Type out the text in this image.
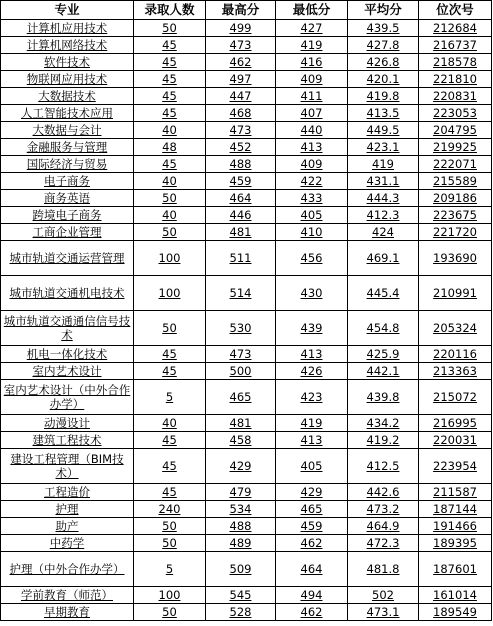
专业	录取人数	最高分	最低分	平均分	位次号
计算机应用技术	50	499	427	439.5	212684
计算机网络技术	45	473	419	427.8	216737
软件技术	45	462	416	426.8	218578
物联网应用技术	45	497	409	420.1	221810
大数据技术	45	447	411	419.8	220831
人工智能技术应用	45	468	407	413.5	223053
大数据与会计	40	473	440	449.5	204795
金融服务与管理	48	452	413	423.1	219925
国际经济与贸易	45	488	409	419	222071
电子商务	40	459	422	431.1	215589
商务英语	50	464	433	444.3	209186
跨境电子商务	40	446	405	412.3	223675
工商企业管理	50	481	410	424	221720
城市轨道交通运营管理	100	511	456	469.1	193690
城市轨道交通机电技术	100	514	430	445.4	210991
城市轨道交通通信信号技术	50	530	439	454.8	205324
机电一体化技术	45	473	413	425.9	220116
室内艺术设计	45	500	426	442.1	213363
室内艺术设计（中外合作办学）	5	465	423	439.8	215072
动漫设计	40	481	419	434.2	216995
建筑工程技术	45	458	413	419.2	220031
建设工程管理（BIM技术）	45	429	405	412.5	223954
工程造价	45	479	429	442.6	211587
护理	240	534	465	473.2	187144
助产	50	488	459	464.9	191466
中药学	50	489	462	472.3	189395
护理（中外合作办学）	5	509	464	481.8	187601
学前教育（师范）	100	545	494	502	161014
早期教育	50	528	462	473.1	189549
